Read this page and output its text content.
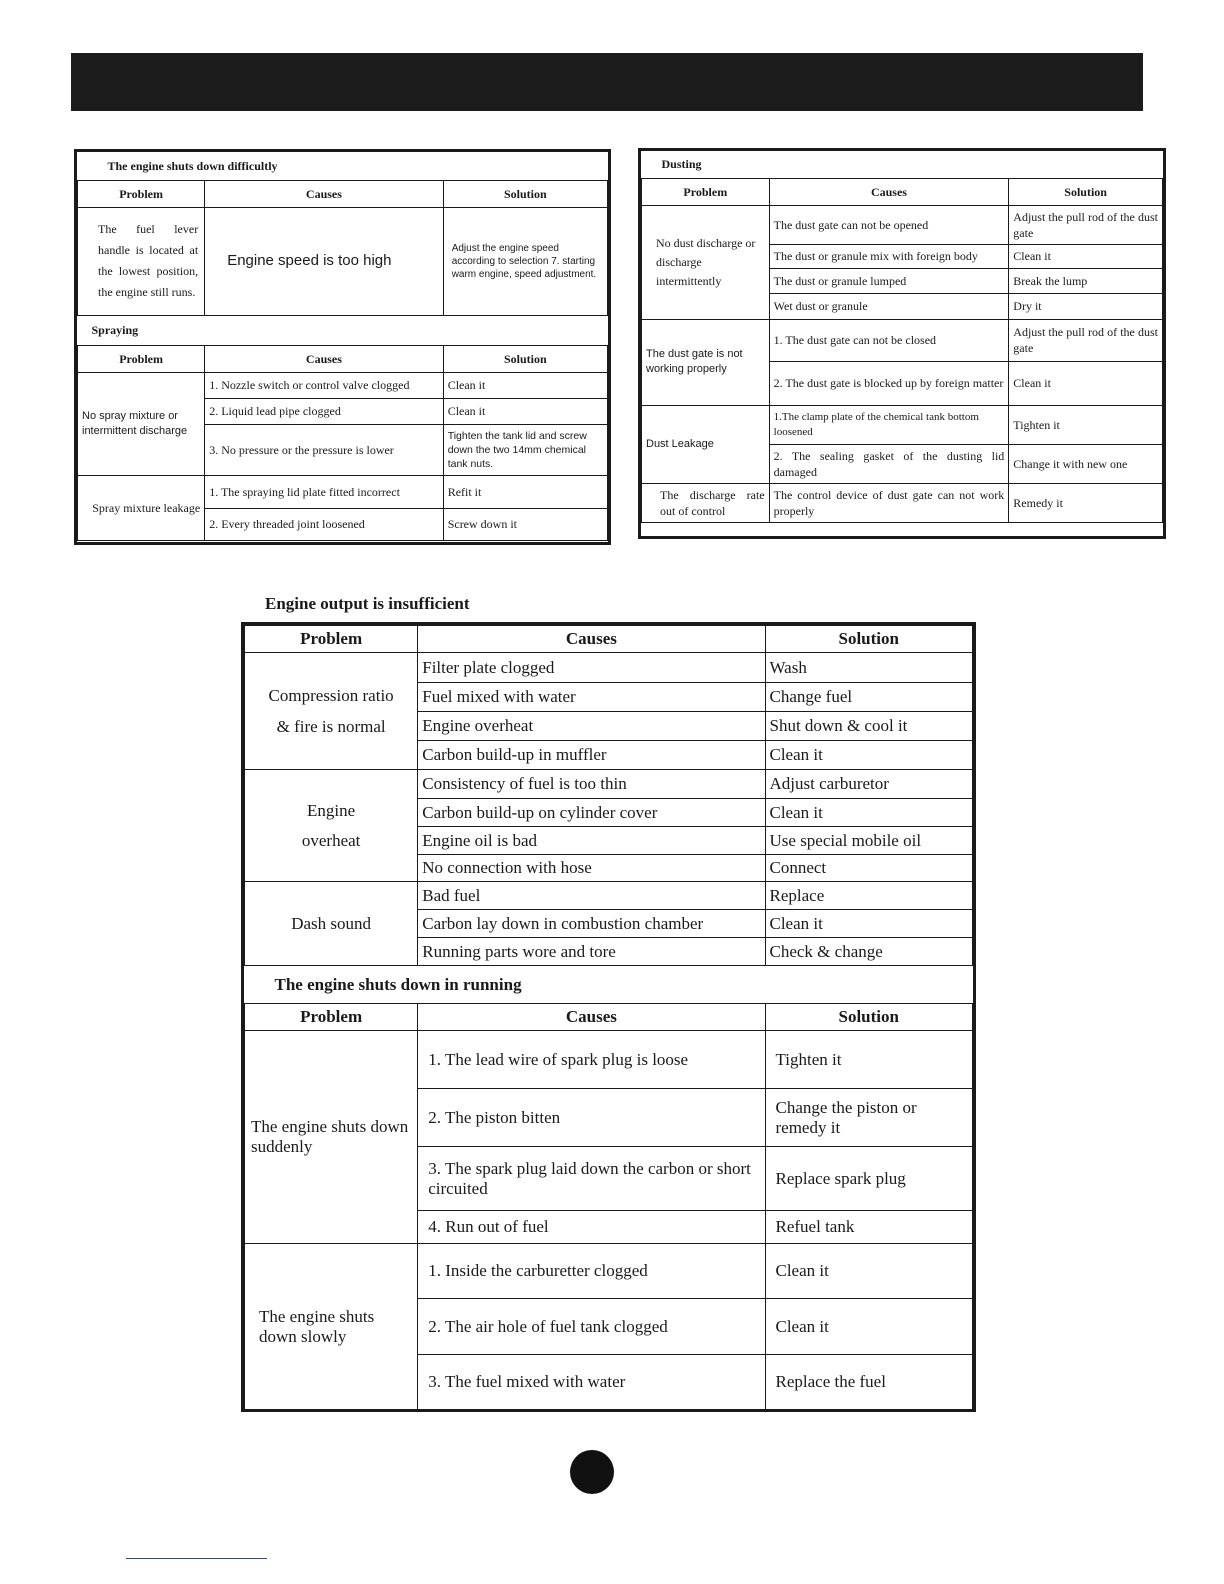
The engine shuts down difficultly		
Problem	Causes	Solution
The fuel lever handle is located at the lowest position, the engine still runs.	Engine speed is too high	Adjust the engine speed according to selection 7. starting warm engine, speed adjustment.
Spraying		
Problem	Causes	Solution
No spray mixture or intermittent discharge	1. Nozzle switch or control valve clogged	Clean it
	2. Liquid lead pipe clogged	Clean it
	3. No pressure or the pressure is lower	Tighten the tank lid and screw down the two 14mm chemical tank nuts.
Spray mixture leakage	1. The spraying lid plate fitted incorrect	Refit it
	2. Every threaded joint loosened	Screw down it
Dusting		
Problem	Causes	Solution
No dust discharge or discharge intermittently	The dust gate can not be opened	Adjust the pull rod of the dust gate
	The dust or granule mix with foreign body	Clean it
	The dust or granule lumped	Break the lump
	Wet dust or granule	Dry it
The dust gate is not working properly	1. The dust gate can not be closed	Adjust the pull rod of the dust gate
	2. The dust gate is blocked up by foreign matter	Clean it
Dust Leakage	1.The clamp plate of the chemical tank bottom loosened	Tighten it
	2. The sealing gasket of the dusting lid damaged	Change it with new one
The discharge rate out of control	The control device of dust gate can not work properly	Remedy it

Engine output is insufficient
Problem	Causes	Solution
Compression ratio & fire is normal	Filter plate clogged	Wash
	Fuel mixed with water	Change fuel
	Engine overheat	Shut down & cool it
	Carbon build-up in muffler	Clean it
Engine overheat	Consistency of fuel is too thin	Adjust carburetor
	Carbon build-up on cylinder cover	Clean it
	Engine oil is bad	Use special mobile oil
	No connection with hose	Connect
Dash sound	Bad fuel	Replace
	Carbon lay down in combustion chamber	Clean it
	Running parts wore and tore	Check & change
The engine shuts down in running		
Problem	Causes	Solution
The engine shuts down suddenly	1. The lead wire of spark plug is loose	Tighten it
	2. The piston bitten	Change the piston or remedy it
	3. The spark plug laid down the carbon or short circuited	Replace spark plug
	4. Run out of fuel	Refuel tank
The engine shuts down slowly	1. Inside the carburetter clogged	Clean it
	2. The air hole of fuel tank clogged	Clean it
	3. The fuel mixed with water	Replace the fuel
